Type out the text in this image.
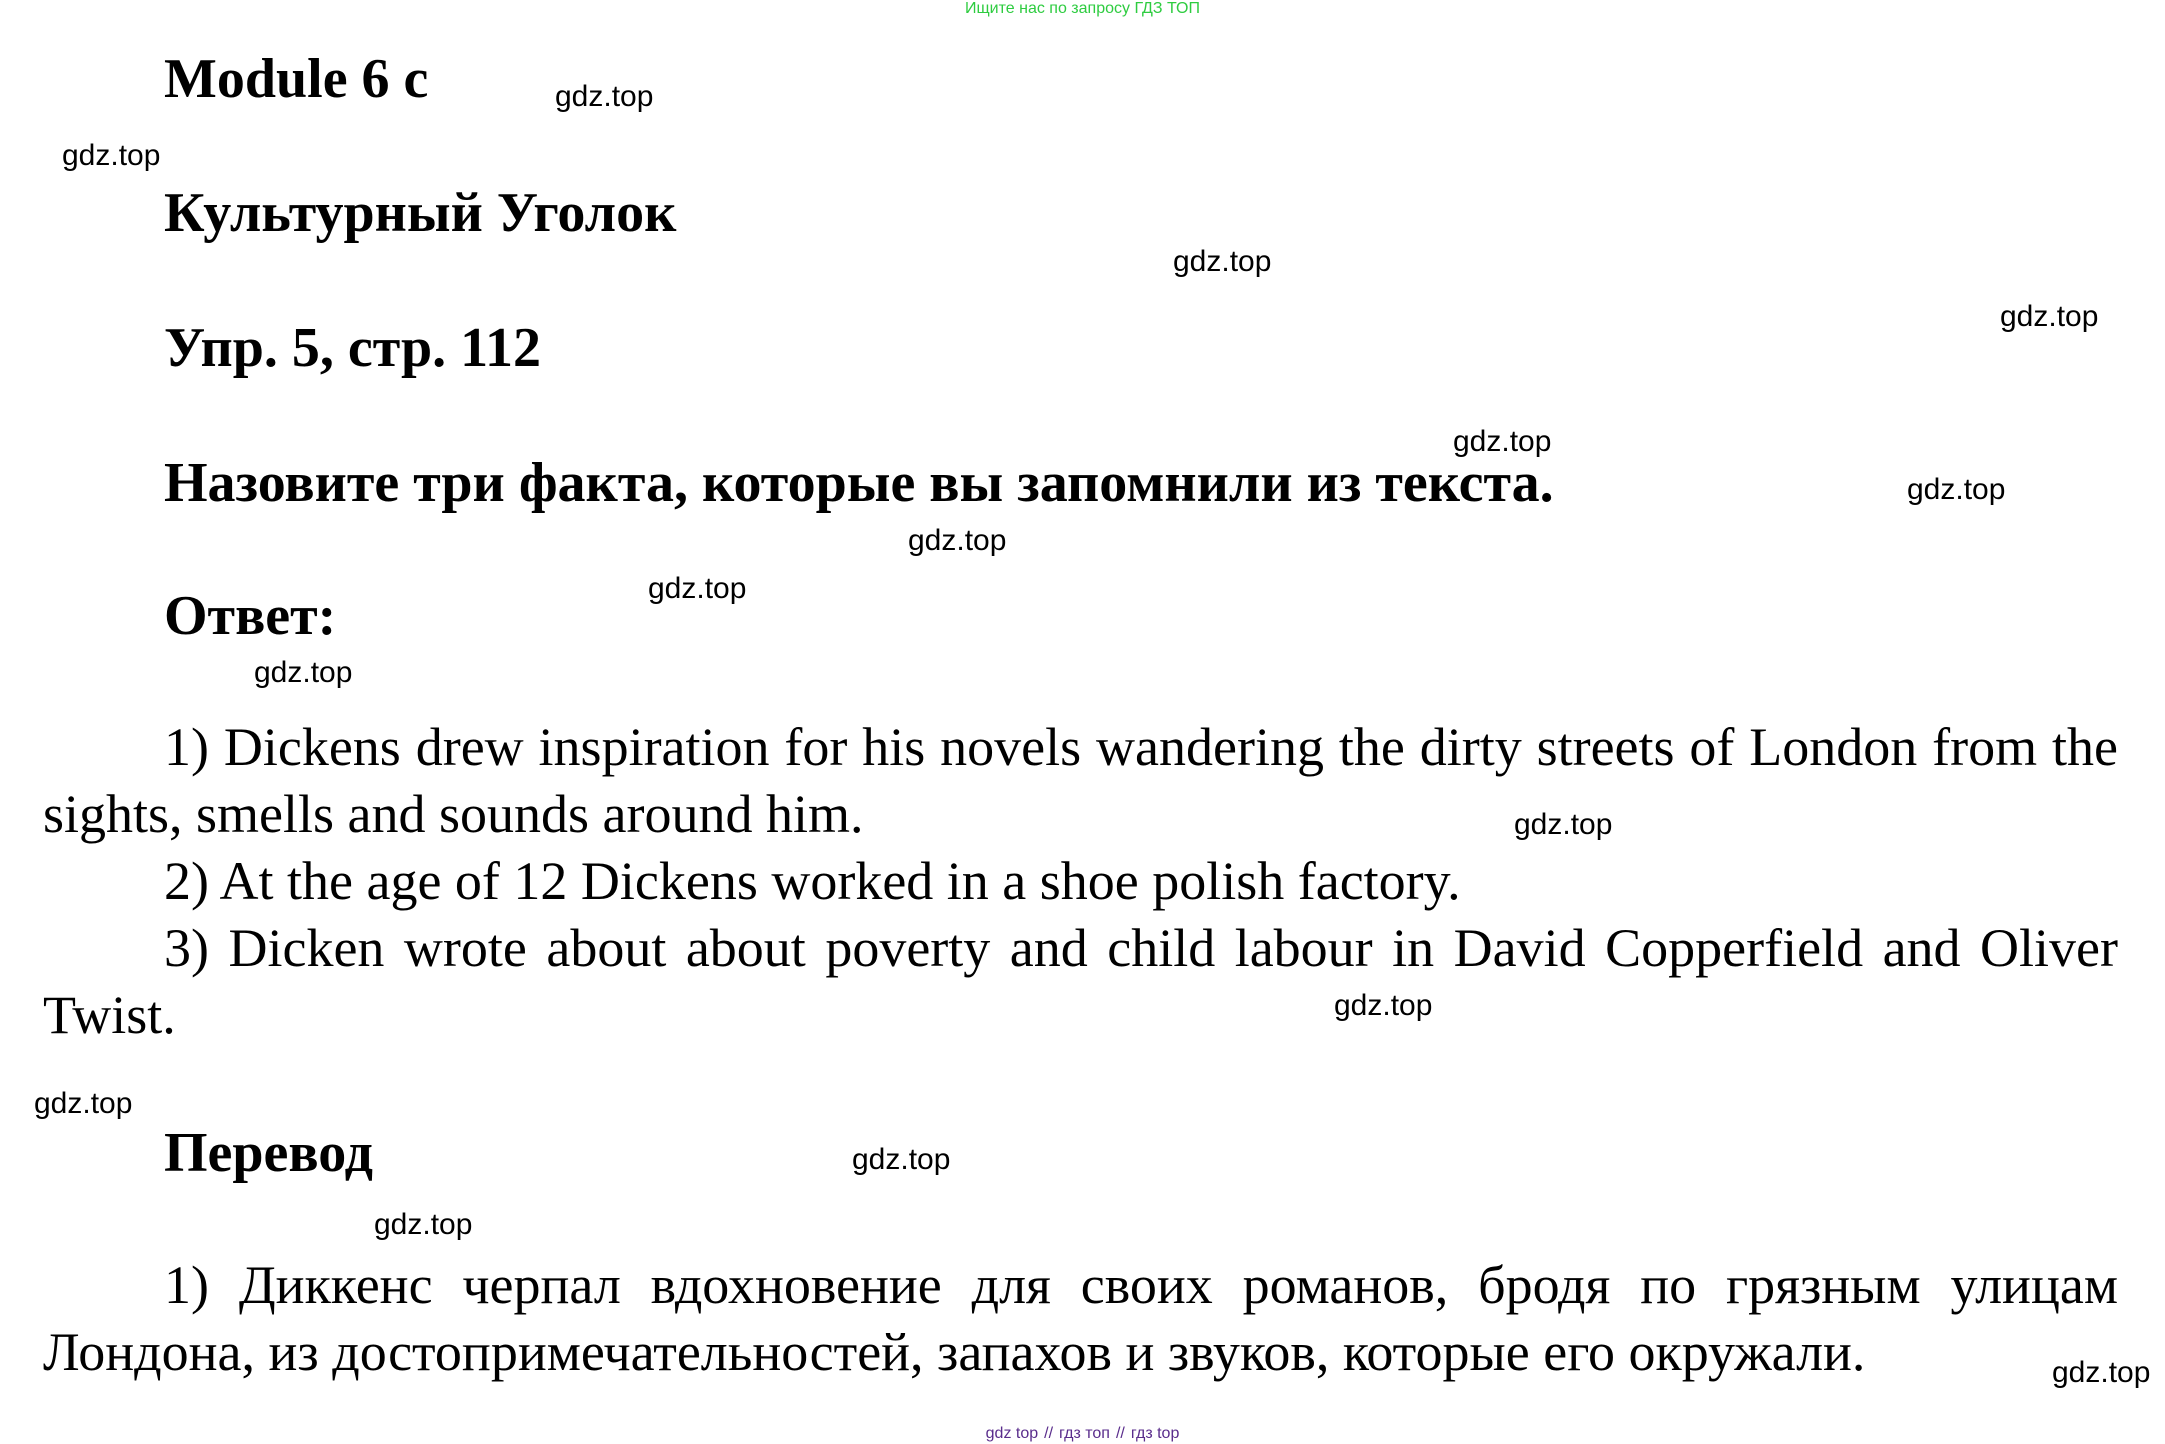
Ищите нас по запросу ГДЗ ТОП
Module 6 c
Культурный Уголок
Упр. 5, стр. 112
Назовите три факта, которые вы запомнили из текста.
Ответ:
1) Dickens drew inspiration for his novels wandering the dirty streets of London from the sights, smells and sounds around him.
2) At the age of 12 Dickens worked in a shoe polish factory.
3) Dicken wrote about about poverty and child labour in David Copperfield and Oliver Twist.
Перевод
1) Диккенс черпал вдохновение для своих романов, бродя по грязным улицам Лондона, из достопримечательностей, запахов и звуков, которые его окружали.
gdz.top
gdz.top
gdz.top
gdz.top
gdz.top
gdz.top
gdz.top
gdz.top
gdz.top
gdz.top
gdz.top
gdz.top
gdz.top
gdz.top
gdz.top
gdz top // гдз топ // гдз top
